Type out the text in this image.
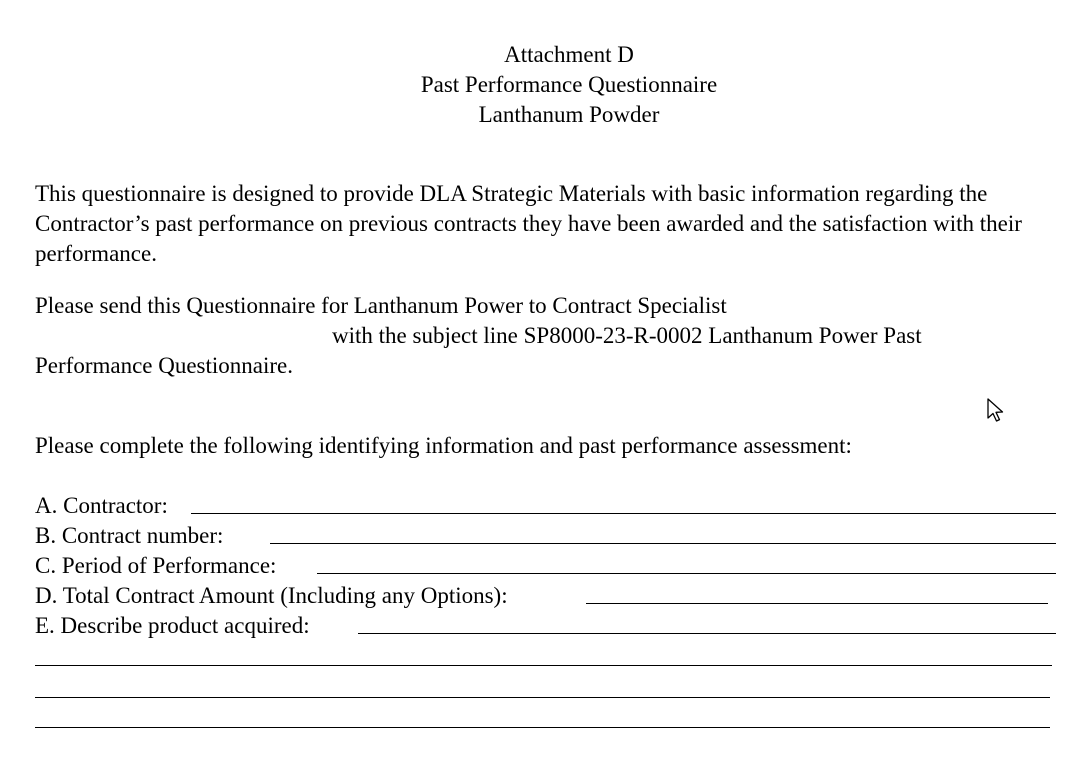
Attachment D
Past Performance Questionnaire
Lanthanum Powder
This questionnaire is designed to provide DLA Strategic Materials with basic information regarding the Contractor’s past performance on previous contracts they have been awarded and the satisfaction with their performance.
Please send this Questionnaire for Lanthanum Power to Contract Specialist
with the subject line SP8000-23-R-0002 Lanthanum Power Past
Performance Questionnaire.
Please complete the following identifying information and past performance assessment:
A. Contractor:
B. Contract number:
C. Period of Performance:
D. Total Contract Amount (Including any Options):
E. Describe product acquired:
